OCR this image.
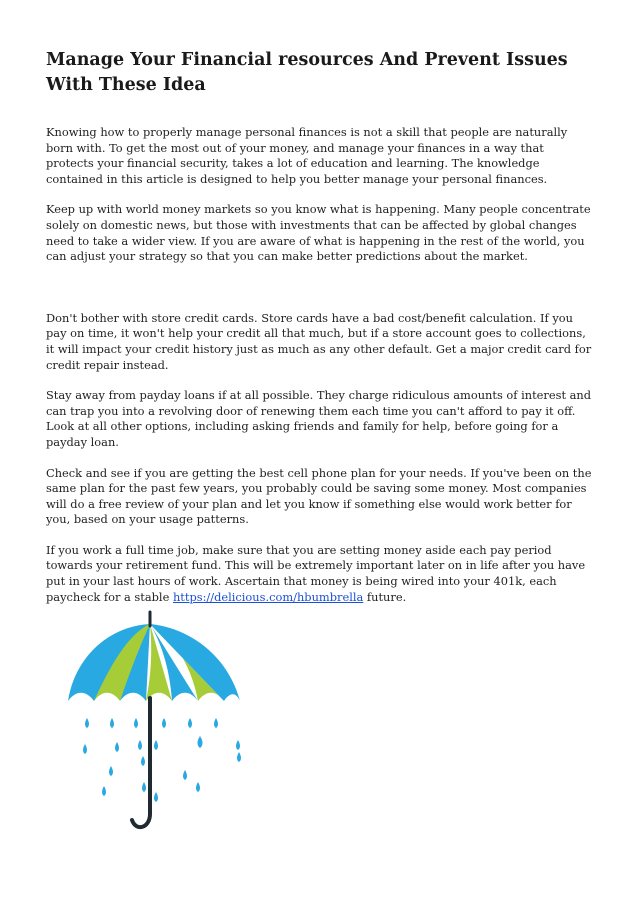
Manage Your Financial resources And Prevent Issues With These Idea

Knowing how to properly manage personal finances is not a skill that people are naturally born with. To get the most out of your money, and manage your finances in a way that protects your financial security, takes a lot of education and learning. The knowledge contained in this article is designed to help you better manage your personal finances.

Keep up with world money markets so you know what is happening. Many people concentrate solely on domestic news, but those with investments that can be affected by global changes need to take a wider view. If you are aware of what is happening in the rest of the world, you can adjust your strategy so that you can make better predictions about the market.

Don't bother with store credit cards. Store cards have a bad cost/benefit calculation. If you pay on time, it won't help your credit all that much, but if a store account goes to collections, it will impact your credit history just as much as any other default. Get a major credit card for credit repair instead.

Stay away from payday loans if at all possible. They charge ridiculous amounts of interest and can trap you into a revolving door of renewing them each time you can't afford to pay it off. Look at all other options, including asking friends and family for help, before going for a payday loan.

Check and see if you are getting the best cell phone plan for your needs. If you've been on the same plan for the past few years, you probably could be saving some money. Most companies will do a free review of your plan and let you know if something else would work better for you, based on your usage patterns.

If you work a full time job, make sure that you are setting money aside each pay period towards your retirement fund. This will be extremely important later on in life after you have put in your last hours of work. Ascertain that money is being wired into your 401k, each paycheck for a stable https://delicious.com/hbumbrella future.
